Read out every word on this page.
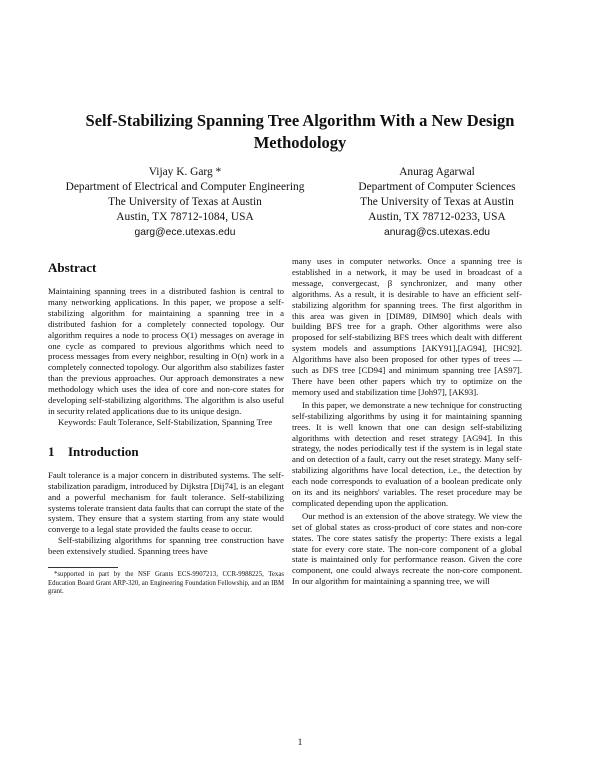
Self-Stabilizing Spanning Tree Algorithm With a New Design Methodology
Vijay K. Garg *
Department of Electrical and Computer Engineering
The University of Texas at Austin
Austin, TX 78712-1084, USA
garg@ece.utexas.edu
Anurag Agarwal
Department of Computer Sciences
The University of Texas at Austin
Austin, TX 78712-0233, USA
anurag@cs.utexas.edu
Abstract

Maintaining spanning trees in a distributed fashion is central to many networking applications. In this paper, we propose a self-stabilizing algorithm for maintaining a spanning tree in a distributed fashion for a completely connected topology. Our algorithm requires a node to process O(1) messages on average in one cycle as compared to previous algorithms which need to process messages from every neighbor, resulting in O(n) work in a completely connected topology. Our algorithm also stabilizes faster than the previous approaches. Our approach demonstrates a new methodology which uses the idea of core and non-core states for developing self-stabilizing algorithms. The algorithm is also useful in security related applications due to its unique design.

Keywords: Fault Tolerance, Self-Stabilization, Spanning Tree

1 Introduction

Fault tolerance is a major concern in distributed systems. The self-stabilization paradigm, introduced by Dijkstra [Dij74], is an elegant and a powerful mechanism for fault tolerance. Self-stabilizing systems tolerate transient data faults that can corrupt the state of the system. They ensure that a system starting from any state would converge to a legal state provided the faults cease to occur.

Self-stabilizing algorithms for spanning tree construction have been extensively studied. Spanning trees have

*supported in part by the NSF Grants ECS-9907213, CCR-9988225, Texas Education Board Grant ARP-320, an Engineering Foundation Fellowship, and an IBM grant.

many uses in computer networks. Once a spanning tree is established in a network, it may be used in broadcast of a message, convergecast, β synchronizer, and many other algorithms. As a result, it is desirable to have an efficient self-stabilizing algorithm for spanning trees. The first algorithm in this area was given in [DIM89, DIM90] which deals with building BFS tree for a graph. Other algorithms were also proposed for self-stabilizing BFS trees which dealt with different system models and assumptions [AKY91],[AG94], [HC92]. Algorithms have also been proposed for other types of trees — such as DFS tree [CD94] and minimum spanning tree [AS97]. There have been other papers which try to optimize on the memory used and stabilization time [Joh97], [AK93].

In this paper, we demonstrate a new technique for constructing self-stabilizing algorithms by using it for maintaining spanning trees. It is well known that one can design self-stabilizing algorithms with detection and reset strategy [AG94]. In this strategy, the nodes periodically test if the system is in legal state and on detection of a fault, carry out the reset strategy. Many self-stabilizing algorithms have local detection, i.e., the detection by each node corresponds to evaluation of a boolean predicate only on its and its neighbors' variables. The reset procedure may be complicated depending upon the application.

Our method is an extension of the above strategy. We view the set of global states as cross-product of core states and non-core states. The core states satisfy the property: There exists a legal state for every core state. The non-core component of a global state is maintained only for performance reason. Given the core component, one could always recreate the non-core component. In our algorithm for maintaining a spanning tree, we will

1
